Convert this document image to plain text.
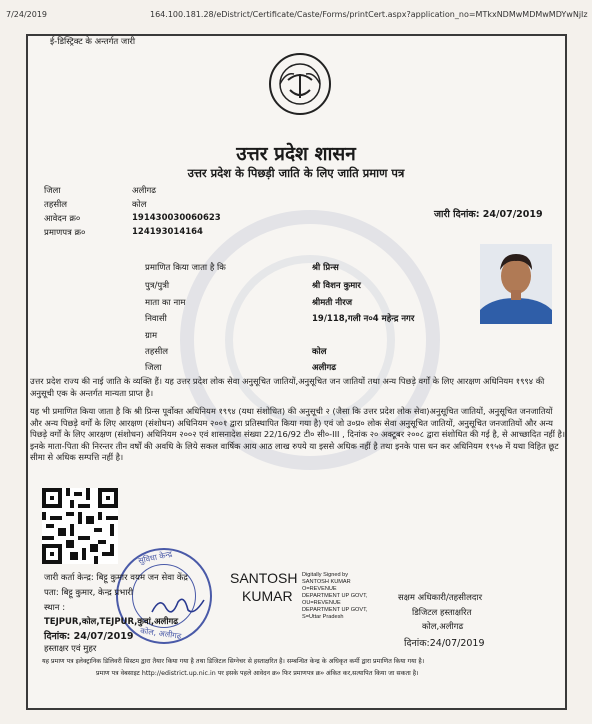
7/24/2019	164.100.181.28/eDistrict/Certificate/Caste/Forms/printCert.aspx?application_no=MTkxNDMwMDMwMDYwNjIz
ई-डिस्ट्रिक्ट के अन्तर्गत जारी
उत्तर प्रदेश शासन
उत्तर प्रदेश के पिछड़ी जाति के लिए जाति प्रमाण पत्र
जिला	अलीगढ
तहसील	कोल
आवेदन क्र०	191430030060623
प्रमाणपत्र क्र०	124193014164
जारी दिनांक: 24/07/2019
प्रमाणित किया जाता है कि	श्री प्रिन्स
पुत्र/पुत्री	श्री विशन कुमार
माता का नाम	श्रीमती नीरज
निवासी	19/118,गली न०4 महेन्द्र नगर
ग्राम
तहसील	कोल
जिला	अलीगढ
उत्तर प्रदेश राज्य की नाई जाति के व्यक्ति हैं। यह उत्तर प्रदेश लोक सेवा अनुसूचित जातियों,अनुसूचित जन जातियों तथा अन्य पिछड़े वर्गों के लिए आरक्षण अधिनियम १९९४ की अनुसूची एक के अन्तर्गत मान्यता प्राप्त है।
यह भी प्रमाणित किया जाता है कि श्री प्रिन्स पूर्वोक्त अधिनियम १९९४ (यथा संशोधित) की अनुसूची २ (जैसा कि उत्तर प्रदेश लोक सेवा)अनुसूचित जातियों, अनुसूचित जनजातियों और अन्य पिछड़े वर्गों के लिए आरक्षण (संशोधन) अधिनियम २००१ द्वारा प्रतिस्थापित किया गया है) एवं जो उ०प्र० लोक सेवा अनुसूचित जातियों, अनुसूचित जनजातियों और अन्य पिछड़े वर्गों के लिए आरक्षण (संशोधन) अधिनियम २००२ एवं शासनादेश संख्या 22/16/92 टी० सी०-III , दिनांक २० अक्टूबर २००८ द्वारा संशोधित की गई है, से आच्छादित नहीं है।इनके माता-पिता की निरन्तर तीन वर्षों की अवधि के लिये सकल वार्षिक आय आठ लाख रुपये या इससे अधिक नहीं है तथा इनके पास धन कर अधिनियम १९५७ में यथा विहित छूट सीमा से अधिक सम्पत्ति नहीं है।
सुविधा केन्द्र
कोल, अलीगढ
जारी कर्ता केन्द्र: बिट्टू कुमार वयम जन सेवा केंद्र
पता: बिट्टू कुमार, केन्द्र प्रभारी
स्थान :
TEJPUR,कोल,TEJPUR,कुवां,अलीगढ
दिनांक: 24/07/2019
हस्ताक्षर एवं मुहर
SANTOSH
KUMAR
Digitally Signed by SANTOSH KUMAR O=REVENUE DEPARTMENT UP GOVT, OU=REVENUE DEPARTMENT UP GOVT, S=Uttar Pradesh
सक्षम अधिकारी/तहसीलदार
डिजिटल हस्ताक्षरित
कोल,अलीगढ
दिनांक:24/07/2019
यह प्रमाण पत्र इलेक्ट्रानिक डिलिवरी सिस्टम द्वारा तैयार किया गया है तथा डिजिटल सिग्नेचर से हस्ताक्षरित है। सम्बन्धित केन्द्र के अधिकृत कर्मी द्वारा प्रमाणित किया गया है।
प्रमाण पत्र वेबसाइट http://edistrict.up.nic.in पर इसके पहले आवेदन क्र० फिर प्रमाणपत्र क्र० अंकित कर,सत्यापित किया जा सकता है।
